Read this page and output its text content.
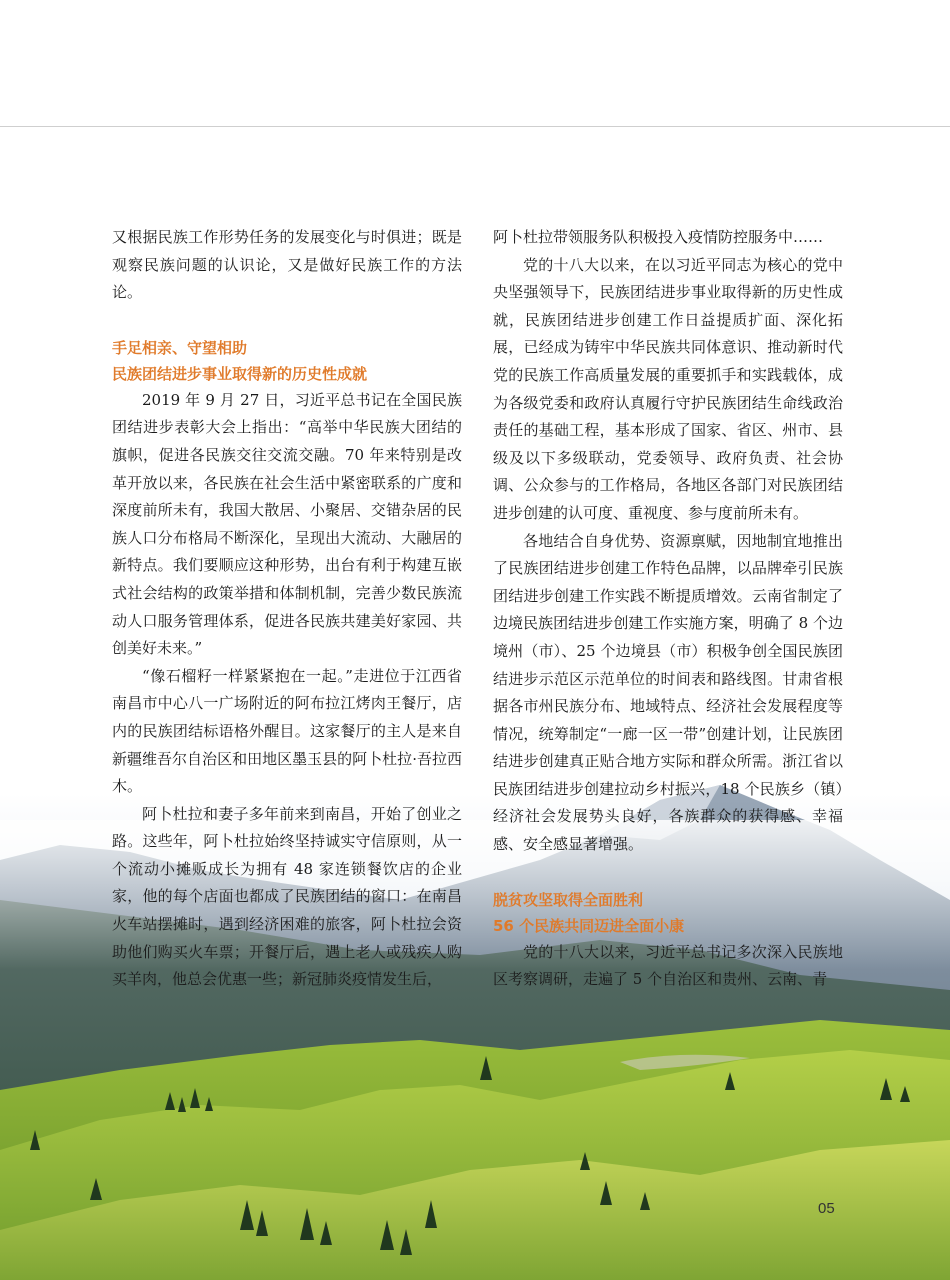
又根据民族工作形势任务的发展变化与时俱进；既是观察民族问题的认识论，又是做好民族工作的方法论。

手足相亲、守望相助

民族团结进步事业取得新的历史性成就

2019 年 9 月 27 日，习近平总书记在全国民族团结进步表彰大会上指出：“高举中华民族大团结的旗帜，促进各民族交往交流交融。70 年来特别是改革开放以来，各民族在社会生活中紧密联系的广度和深度前所未有，我国大散居、小聚居、交错杂居的民族人口分布格局不断深化，呈现出大流动、大融居的新特点。我们要顺应这种形势，出台有利于构建互嵌式社会结构的政策举措和体制机制，完善少数民族流动人口服务管理体系，促进各民族共建美好家园、共创美好未来。”

“像石榴籽一样紧紧抱在一起。”走进位于江西省南昌市中心八一广场附近的阿布拉江烤肉王餐厅，店内的民族团结标语格外醒目。这家餐厅的主人是来自新疆维吾尔自治区和田地区墨玉县的阿卜杜拉·吾拉西木。

阿卜杜拉和妻子多年前来到南昌，开始了创业之路。这些年，阿卜杜拉始终坚持诚实守信原则，从一个流动小摊贩成长为拥有 48 家连锁餐饮店的企业家，他的每个店面也都成了民族团结的窗口：在南昌火车站摆摊时，遇到经济困难的旅客，阿卜杜拉会资助他们购买火车票；开餐厅后，遇上老人或残疾人购买羊肉，他总会优惠一些；新冠肺炎疫情发生后，

阿卜杜拉带领服务队积极投入疫情防控服务中……

党的十八大以来，在以习近平同志为核心的党中央坚强领导下，民族团结进步事业取得新的历史性成就，民族团结进步创建工作日益提质扩面、深化拓展，已经成为铸牢中华民族共同体意识、推动新时代党的民族工作高质量发展的重要抓手和实践载体，成为各级党委和政府认真履行守护民族团结生命线政治责任的基础工程，基本形成了国家、省区、州市、县级及以下多级联动，党委领导、政府负责、社会协调、公众参与的工作格局，各地区各部门对民族团结进步创建的认可度、重视度、参与度前所未有。

各地结合自身优势、资源禀赋，因地制宜地推出了民族团结进步创建工作特色品牌，以品牌牵引民族团结进步创建工作实践不断提质增效。云南省制定了边境民族团结进步创建工作实施方案，明确了 8 个边境州（市）、25 个边境县（市）积极争创全国民族团结进步示范区示范单位的时间表和路线图。甘肃省根据各市州民族分布、地域特点、经济社会发展程度等情况，统筹制定“一廊一区一带”创建计划，让民族团结进步创建真正贴合地方实际和群众所需。浙江省以民族团结进步创建拉动乡村振兴，18 个民族乡（镇）经济社会发展势头良好，各族群众的获得感、幸福感、安全感显著增强。

脱贫攻坚取得全面胜利

56 个民族共同迈进全面小康

党的十八大以来，习近平总书记多次深入民族地区考察调研，走遍了 5 个自治区和贵州、云南、青

05
